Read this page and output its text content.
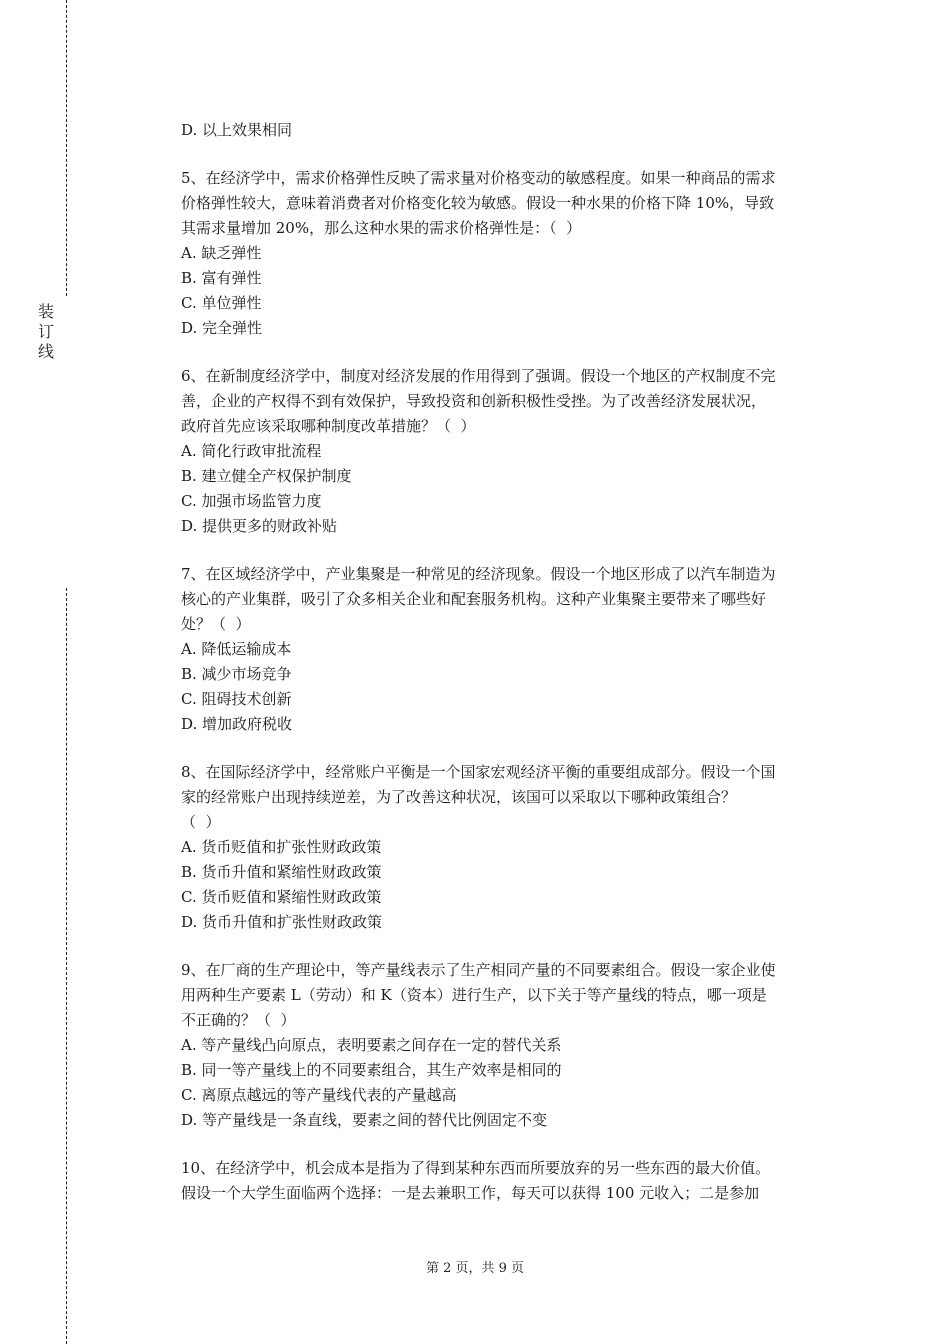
装
订
线
D. 以上效果相同
5、在经济学中，需求价格弹性反映了需求量对价格变动的敏感程度。如果一种商品的需求
价格弹性较大，意味着消费者对价格变化较为敏感。假设一种水果的价格下降 10%，导致
其需求量增加 20%，那么这种水果的需求价格弹性是：（  ）
A. 缺乏弹性
B. 富有弹性
C. 单位弹性
D. 完全弹性
6、在新制度经济学中，制度对经济发展的作用得到了强调。假设一个地区的产权制度不完
善，企业的产权得不到有效保护，导致投资和创新积极性受挫。为了改善经济发展状况，
政府首先应该采取哪种制度改革措施？（  ）
A. 简化行政审批流程
B. 建立健全产权保护制度
C. 加强市场监管力度
D. 提供更多的财政补贴
7、在区域经济学中，产业集聚是一种常见的经济现象。假设一个地区形成了以汽车制造为
核心的产业集群，吸引了众多相关企业和配套服务机构。这种产业集聚主要带来了哪些好
处？（  ）
A. 降低运输成本
B. 减少市场竞争
C. 阻碍技术创新
D. 增加政府税收
8、在国际经济学中，经常账户平衡是一个国家宏观经济平衡的重要组成部分。假设一个国
家的经常账户出现持续逆差，为了改善这种状况，该国可以采取以下哪种政策组合？
（  ）
A. 货币贬值和扩张性财政政策
B. 货币升值和紧缩性财政政策
C. 货币贬值和紧缩性财政政策
D. 货币升值和扩张性财政政策
9、在厂商的生产理论中，等产量线表示了生产相同产量的不同要素组合。假设一家企业使
用两种生产要素 L（劳动）和 K（资本）进行生产，以下关于等产量线的特点，哪一项是
不正确的？（  ）
A. 等产量线凸向原点，表明要素之间存在一定的替代关系
B. 同一等产量线上的不同要素组合，其生产效率是相同的
C. 离原点越远的等产量线代表的产量越高
D. 等产量线是一条直线，要素之间的替代比例固定不变
10、在经济学中，机会成本是指为了得到某种东西而所要放弃的另一些东西的最大价值。
假设一个大学生面临两个选择：一是去兼职工作，每天可以获得 100 元收入；二是参加
第 2 页，共 9 页
